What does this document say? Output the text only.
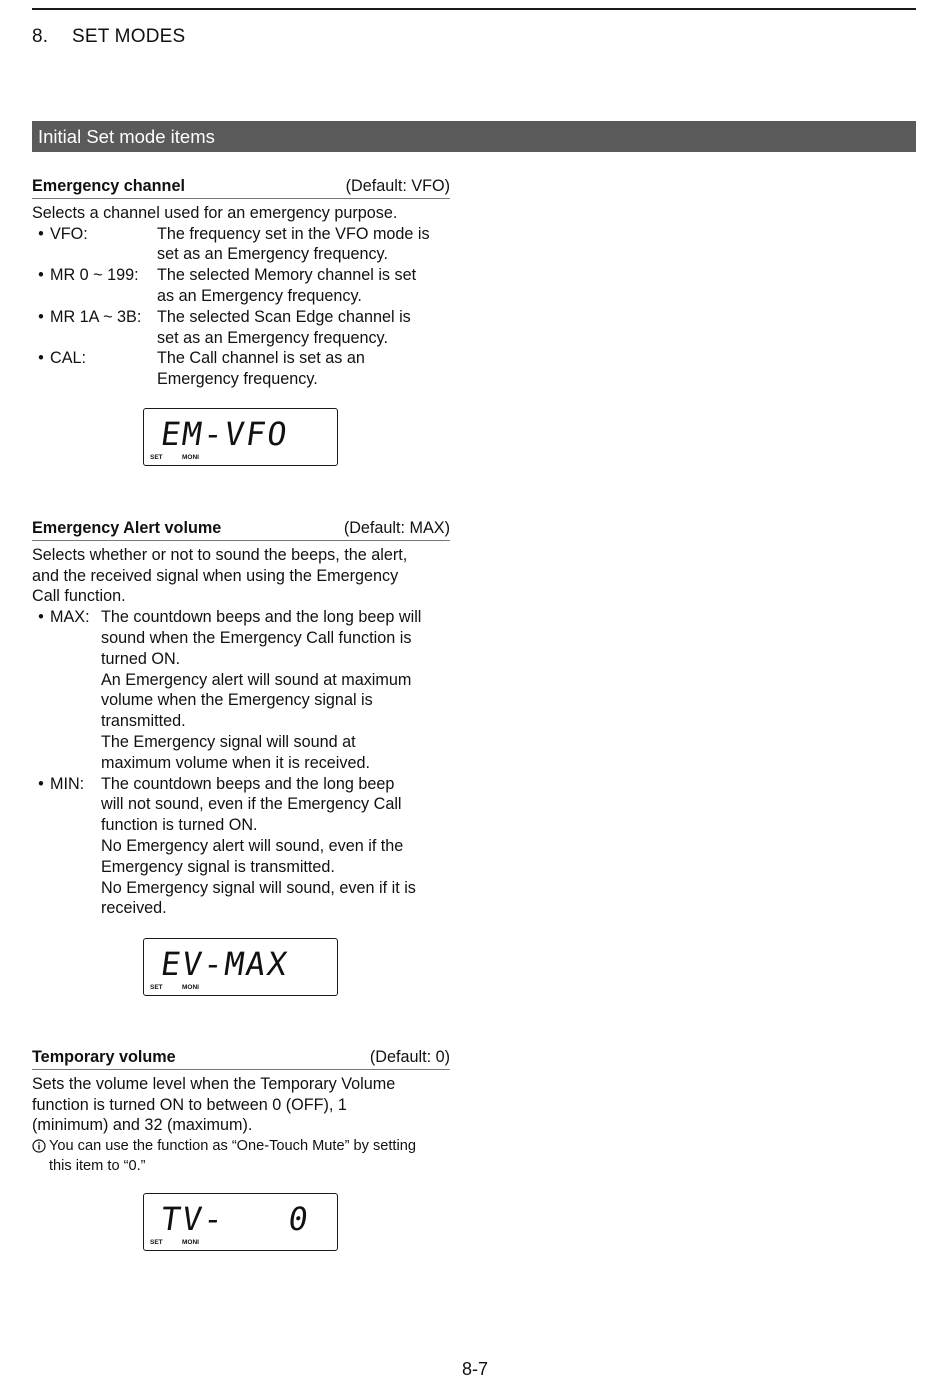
8. SET MODES
Initial Set mode items
Emergency channel	(Default: VFO)

Selects a channel used for an emergency purpose.

• VFO:	The frequency set in the VFO mode is
set as an Emergency frequency.
• MR 0 ~ 199:	The selected Memory channel is set
as an Emergency frequency.
• MR 1A ~ 3B: The selected Scan Edge channel is
set as an Emergency frequency.
• CAL:	The Call channel is set as an
Emergency frequency.
EM-VFO
SET	MONI
Emergency Alert volume	(Default: MAX)
Selects whether or not to sound the beeps, the alert,
and the received signal when using the Emergency
Call function.
• MAX: The countdown beeps and the long beep will
sound when the Emergency Call function is
turned ON.
An Emergency alert will sound at maximum
volume when the Emergency signal is
transmitted.
The Emergency signal will sound at
maximum volume when it is received.
• MIN:	The countdown beeps and the long beep
will not sound, even if the Emergency Call
function is turned ON.
No Emergency alert will sound, even if the
Emergency signal is transmitted.
No Emergency signal will sound, even if it is
received.
EV-MAX
SET	MONI
Temporary volume	(Default: 0)
Sets the volume level when the Temporary Volume
function is turned ON to between 0 (OFF), 1
(minimum) and 32 (maximum).
You can use the function as “One-Touch Mute” by setting
this item to “0.”
TV-   0
SET	MONI
8-7
